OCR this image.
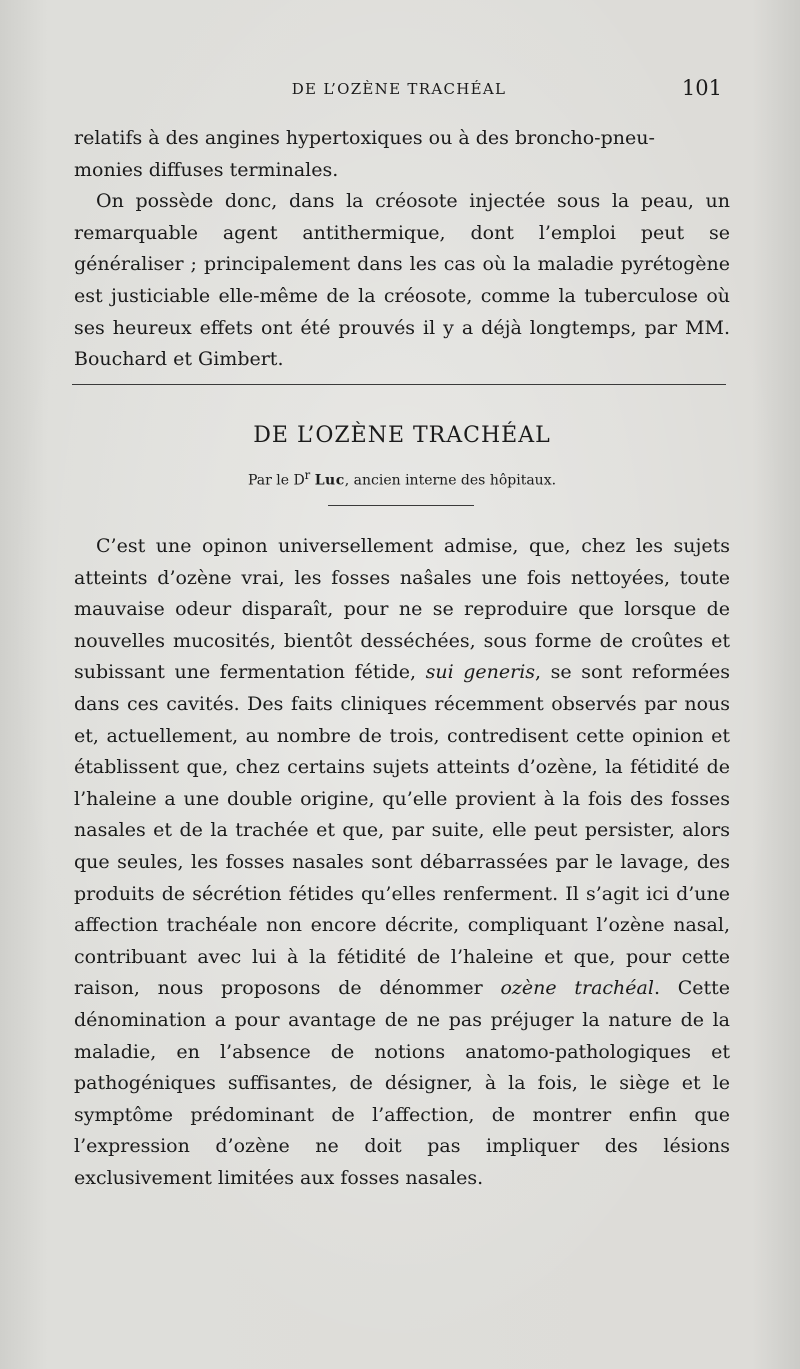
DE L’OZÈNE TRACHÉAL	101

relatifs à des angines hypertoxiques ou à des broncho-pneu-
monies diffuses terminales.
On possède donc, dans la créosote injectée sous la peau, un remarquable agent antithermique, dont l’emploi peut se généraliser ; principalement dans les cas où la maladie pyrétogène est justiciable elle-même de la créosote, comme la tuberculose où ses heureux effets ont été prouvés il y a déjà longtemps, par MM. Bouchard et Gimbert.

DE L’OZÈNE TRACHÉAL
Par le $D^r$ Luc, ancien interne des hôpitaux.

C’est une opinon universellement admise, que, chez les sujets atteints d’ozène vrai, les fosses naŝales une fois nettoyées, toute mauvaise odeur disparaît, pour ne se reproduire que lorsque de nouvelles mucosités, bientôt desséchées, sous forme de croûtes et subissant une fermentation fétide, sui generis, se sont reformées dans ces cavités. Des faits cliniques récemment observés par nous et, actuellement, au nombre de trois, contredisent cette opinion et établissent que, chez certains sujets atteints d’ozène, la fétidité de l’haleine a une double origine, qu’elle provient à la fois des fosses nasales et de la trachée et que, par suite, elle peut persister, alors que seules, les fosses nasales sont débarrassées par le lavage, des produits de sécrétion fétides qu’elles renferment. Il s’agit ici d’une affection trachéale non encore décrite, compliquant l’ozène nasal, contribuant avec lui à la fétidité de l’haleine et que, pour cette raison, nous proposons de dénommer ozène trachéal. Cette dénomination a pour avantage de ne pas préjuger la nature de la maladie, en l’absence de notions anatomo-pathologiques et pathogéniques suffisantes, de désigner, à la fois, le siège et le symptôme prédominant de l’affection, de montrer enfin que l’expression d’ozène ne doit pas impliquer des lésions exclusivement limitées aux fosses nasales.
